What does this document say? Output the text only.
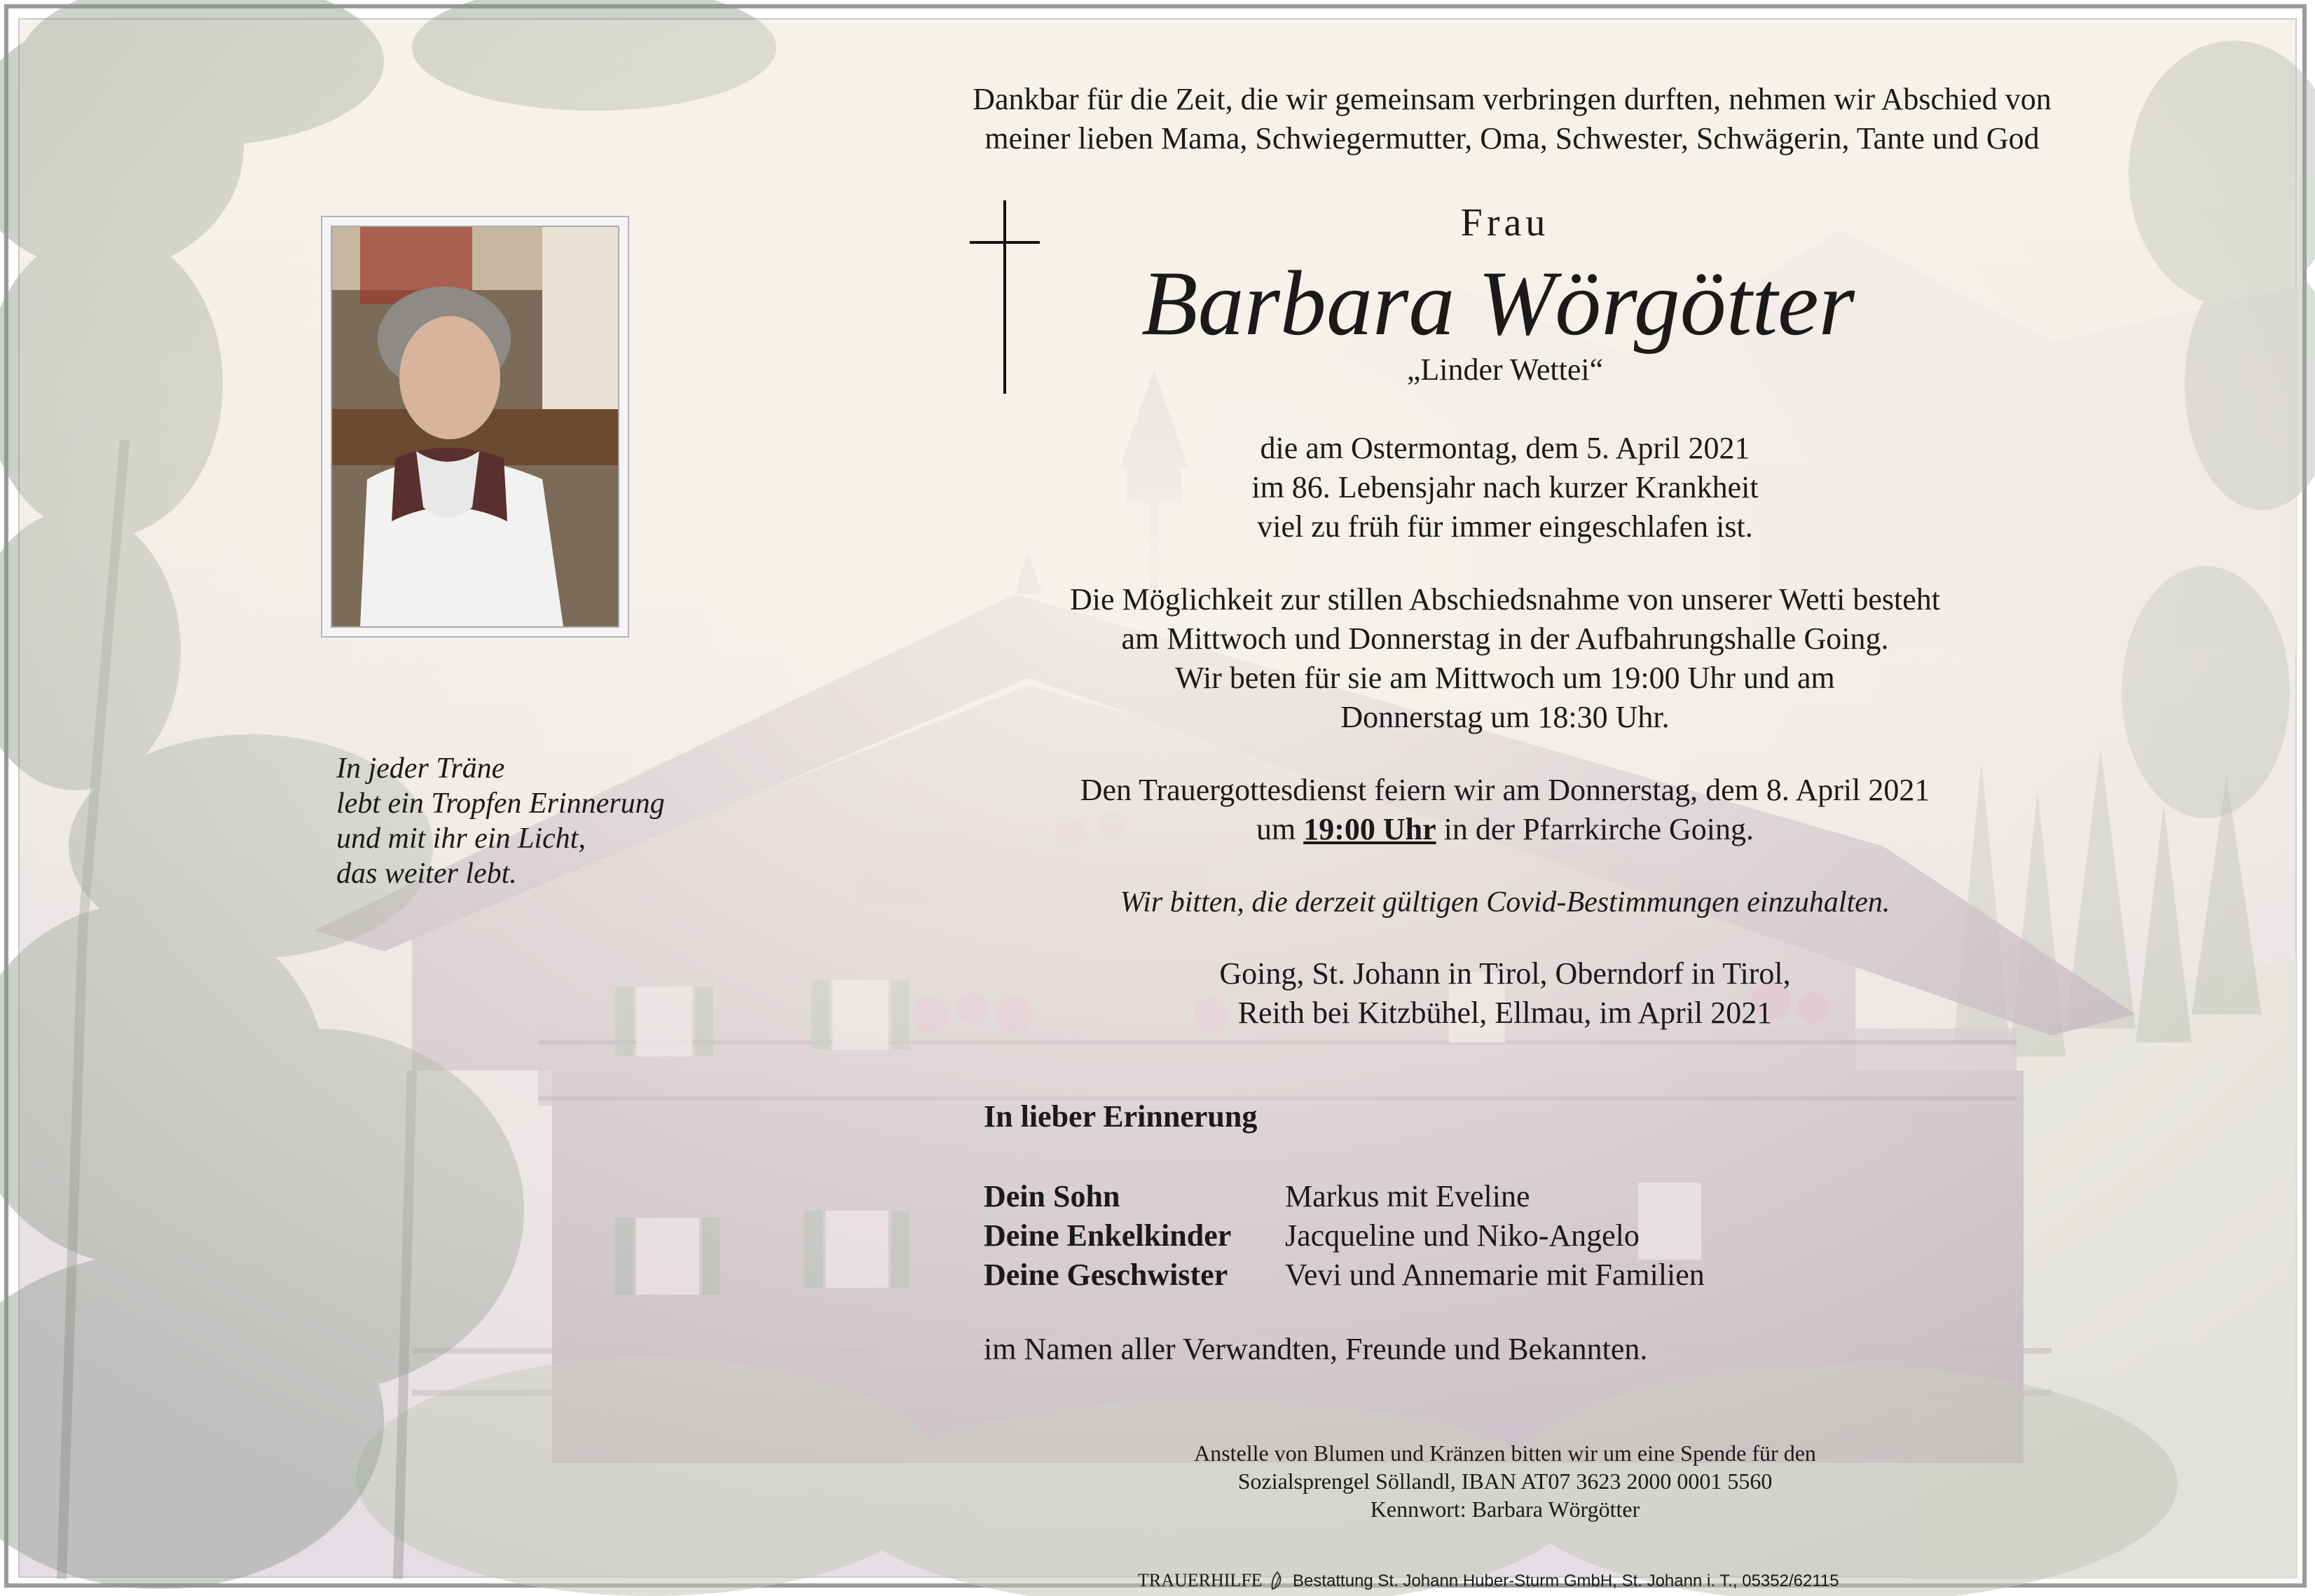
In jeder Träne
lebt ein Tropfen Erinnerung
und mit ihr ein Licht,
das weiter lebt.
Dankbar für die Zeit, die wir gemeinsam verbringen durften, nehmen wir Abschied von
meiner lieben Mama, Schwiegermutter, Oma, Schwester, Schwägerin, Tante und God
Frau
Barbara Wörgötter
„Linder Wettei“
die am Ostermontag, dem 5. April 2021
im 86. Lebensjahr nach kurzer Krankheit
viel zu früh für immer eingeschlafen ist.
Die Möglichkeit zur stillen Abschiedsnahme von unserer Wetti besteht
am Mittwoch und Donnerstag in der Aufbahrungshalle Going.
Wir beten für sie am Mittwoch um 19:00 Uhr und am
Donnerstag um 18:30 Uhr.
Den Trauergottesdienst feiern wir am Donnerstag, dem 8. April 2021
um 19:00 Uhr in der Pfarrkirche Going.
Wir bitten, die derzeit gültigen Covid-Bestimmungen einzuhalten.
Going, St. Johann in Tirol, Oberndorf in Tirol,
Reith bei Kitzbühel, Ellmau, im April 2021
In lieber Erinnerung
Dein Sohn	Markus mit Eveline
Deine Enkelkinder	Jacqueline und Niko-Angelo
Deine Geschwister	Vevi und Annemarie mit Familien
im Namen aller Verwandten, Freunde und Bekannten.
Anstelle von Blumen und Kränzen bitten wir um eine Spende für den
Sozialsprengel Söllandl, IBAN AT07 3623 2000 0001 5560
Kennwort: Barbara Wörgötter
TRAUERHILFE Bestattung St. Johann Huber-Sturm GmbH, St. Johann i. T., 05352/62115
